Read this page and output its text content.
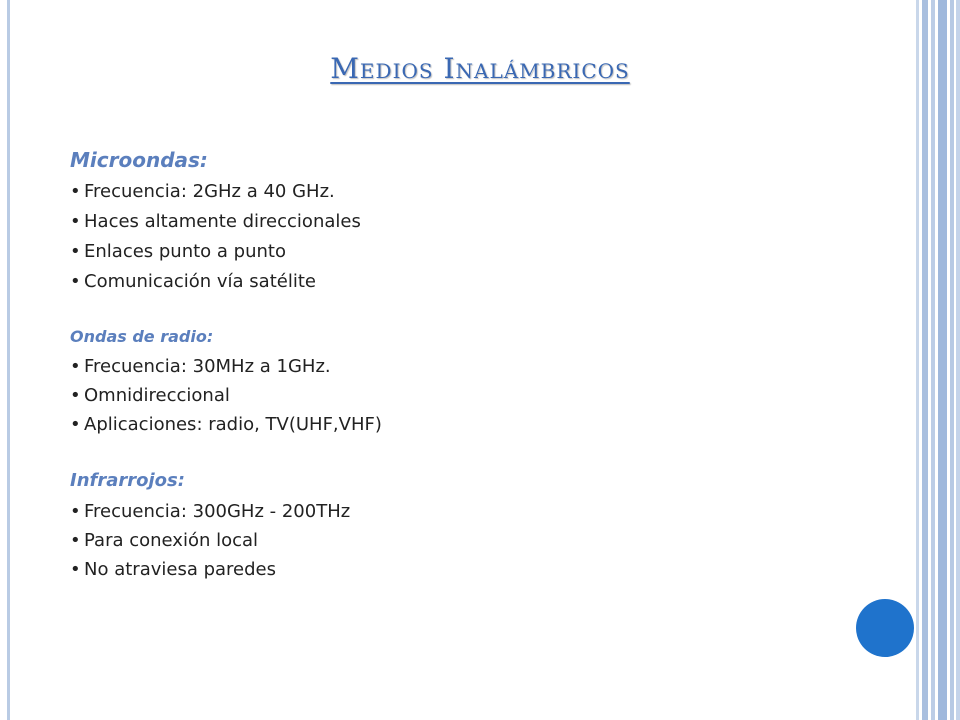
Medios Inalámbricos
Microondas:
• Frecuencia: 2GHz a 40 GHz.
• Haces altamente direccionales
• Enlaces punto a punto
• Comunicación vía satélite
Ondas de radio:
• Frecuencia: 30MHz a 1GHz.
• Omnidireccional
• Aplicaciones: radio, TV(UHF,VHF)
Infrarrojos:
• Frecuencia: 300GHz - 200THz
• Para conexión local
• No atraviesa paredes
